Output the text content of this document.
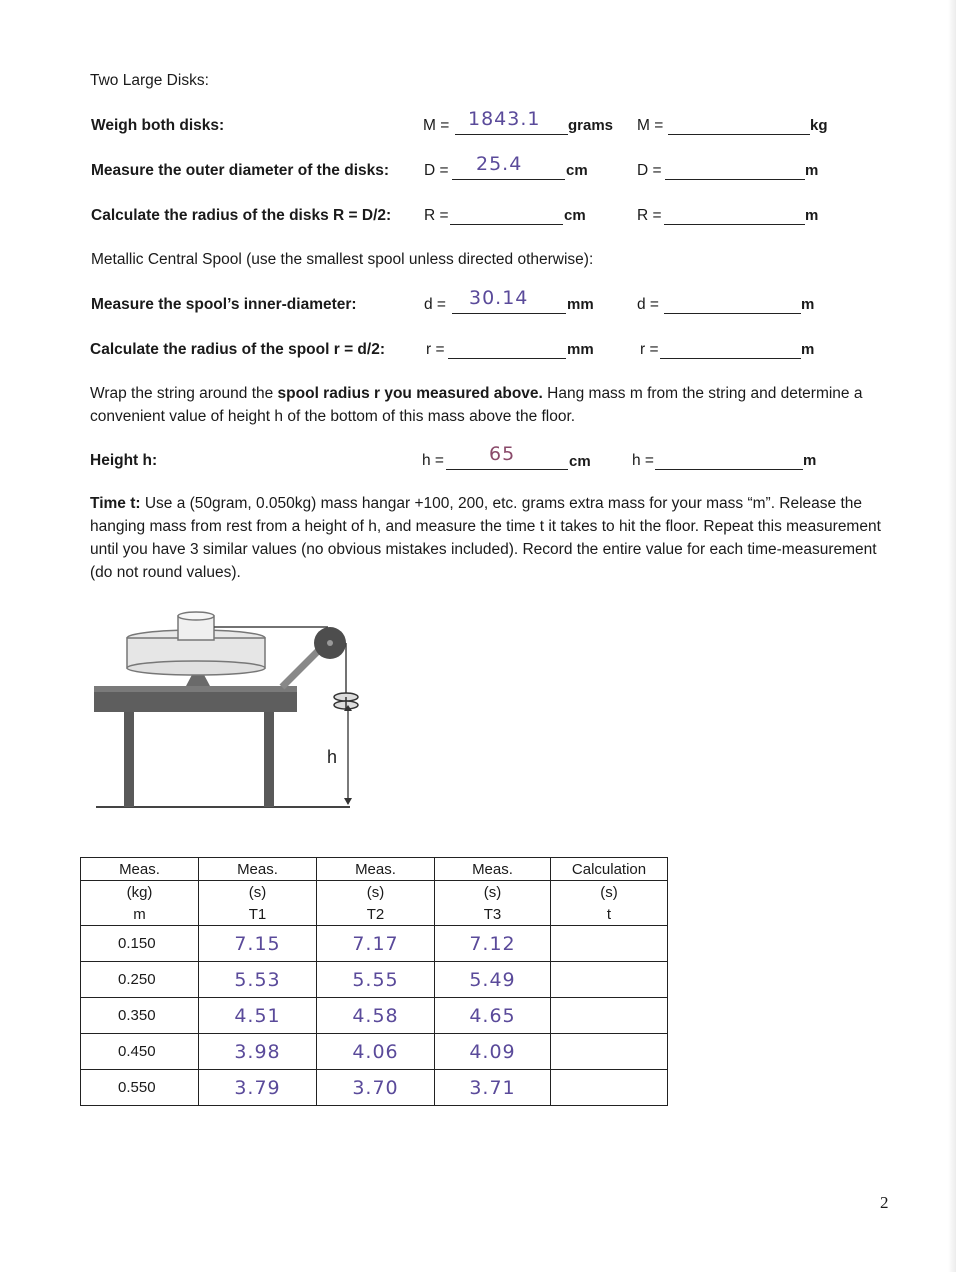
Two Large Disks:
Weigh both disks:	M = 1843.1 grams M =	kg
Measure the outer diameter of the disks: D = 25.4	cm	D =	m
Calculate the radius of the disks R = D/2: R =	cm	R =	m
Metallic Central Spool (use the smallest spool unless directed otherwise):
Measure the spool’s inner-diameter:	d = 30.14	mm	d =	m
Calculate the radius of the spool r = d/2:	r =	mm	r =	m
Wrap the string around the spool radius r you measured above. Hang mass m from the string and determine a convenient value of height h of the bottom of this mass above the floor.
Height h:	h = 65	cm	h =	m
Time t: Use a (50gram, 0.050kg) mass hangar +100, 200, etc. grams extra mass for your mass “m”. Release the hanging mass from rest from a height of h, and measure the time t it takes to hit the floor. Repeat this measurement until you have 3 similar values (no obvious mistakes included). Record the entire value for each time-measurement (do not round values).
h
Meas.	Meas.	Meas.	Meas.	Calculation
(kg)	(s)	(s)	(s)	(s)
m	T1	T2	T3	t
0.150	7.15	7.17	7.12	
0.250	5.53	5.55	5.49	
0.350	4.51	4.58	4.65	
0.450	3.98	4.06	4.09	
0.550	3.79	3.70	3.71	
2
